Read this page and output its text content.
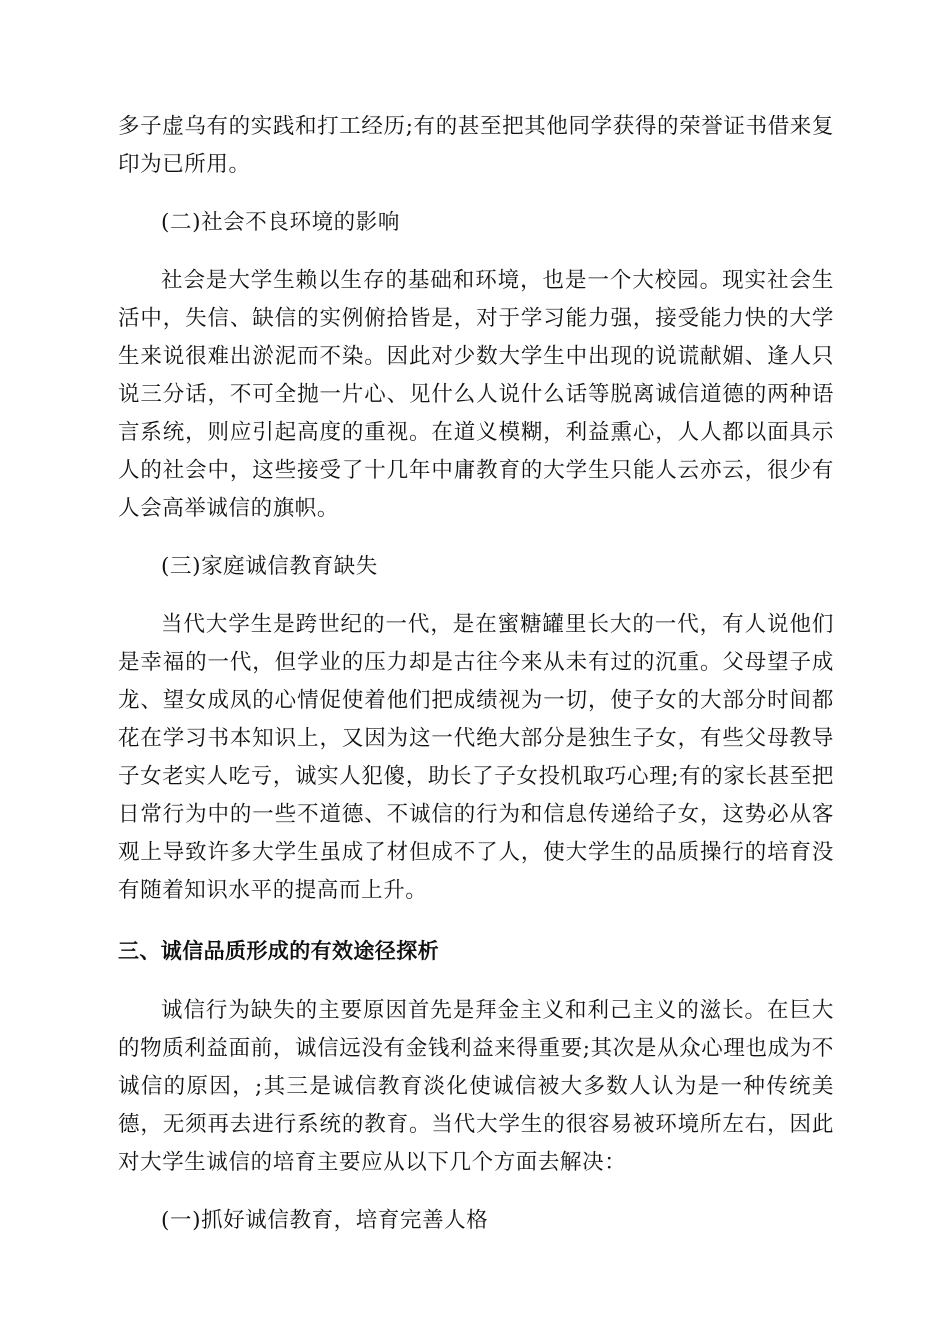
多子虚乌有的实践和打工经历;有的甚至把其他同学获得的荣誉证书借来复印为已所用。

(二)社会不良环境的影响

社会是大学生赖以生存的基础和环境，也是一个大校园。现实社会生活中，失信、缺信的实例俯拾皆是，对于学习能力强，接受能力快的大学生来说很难出淤泥而不染。因此对少数大学生中出现的说谎献媚、逢人只说三分话，不可全抛一片心、见什么人说什么话等脱离诚信道德的两种语言系统，则应引起高度的重视。在道义模糊，利益熏心，人人都以面具示人的社会中，这些接受了十几年中庸教育的大学生只能人云亦云，很少有人会高举诚信的旗帜。

(三)家庭诚信教育缺失

当代大学生是跨世纪的一代，是在蜜糖罐里长大的一代，有人说他们是幸福的一代，但学业的压力却是古往今来从未有过的沉重。父母望子成龙、望女成凤的心情促使着他们把成绩视为一切，使子女的大部分时间都花在学习书本知识上，又因为这一代绝大部分是独生子女，有些父母教导子女老实人吃亏，诚实人犯傻，助长了子女投机取巧心理;有的家长甚至把日常行为中的一些不道德、不诚信的行为和信息传递给子女，这势必从客观上导致许多大学生虽成了材但成不了人，使大学生的品质操行的培育没有随着知识水平的提高而上升。

三、诚信品质形成的有效途径探析

诚信行为缺失的主要原因首先是拜金主义和利己主义的滋长。在巨大的物质利益面前，诚信远没有金钱利益来得重要;其次是从众心理也成为不诚信的原因，;其三是诚信教育淡化使诚信被大多数人认为是一种传统美德，无须再去进行系统的教育。当代大学生的很容易被环境所左右，因此对大学生诚信的培育主要应从以下几个方面去解决：

(一)抓好诚信教育，培育完善人格
